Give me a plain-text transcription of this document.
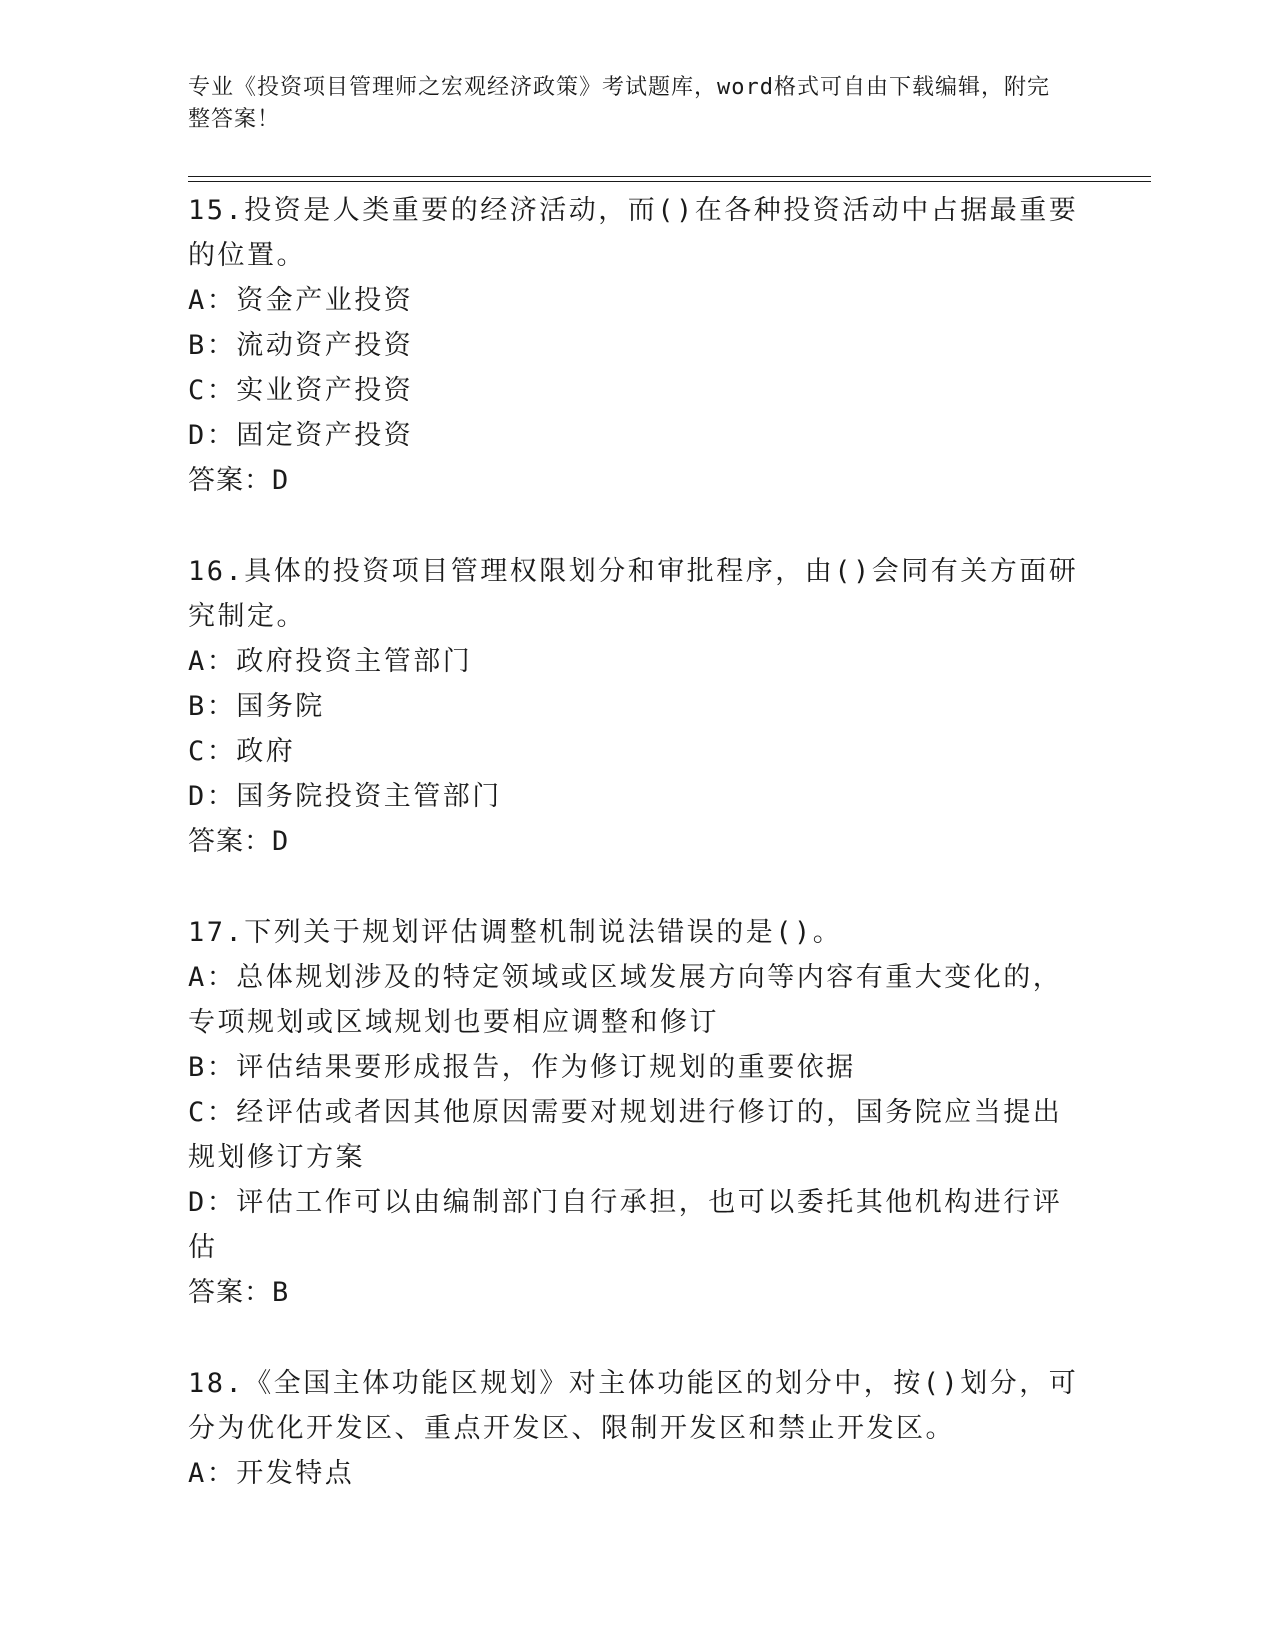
专业《投资项目管理师之宏观经济政策》考试题库，word格式可自由下载编辑，附完整答案！

15.投资是人类重要的经济活动，而()在各种投资活动中占据最重要的位置。

A：资金产业投资

B：流动资产投资

C：实业资产投资

D：固定资产投资

答案：D

16.具体的投资项目管理权限划分和审批程序，由()会同有关方面研究制定。

A：政府投资主管部门

B：国务院

C：政府

D：国务院投资主管部门

答案：D

17.下列关于规划评估调整机制说法错误的是()。

A：总体规划涉及的特定领域或区域发展方向等内容有重大变化的，专项规划或区域规划也要相应调整和修订

B：评估结果要形成报告，作为修订规划的重要依据

C：经评估或者因其他原因需要对规划进行修订的，国务院应当提出规划修订方案

D：评估工作可以由编制部门自行承担，也可以委托其他机构进行评估

答案：B

18.《全国主体功能区规划》对主体功能区的划分中，按()划分，可分为优化开发区、重点开发区、限制开发区和禁止开发区。

A：开发特点
